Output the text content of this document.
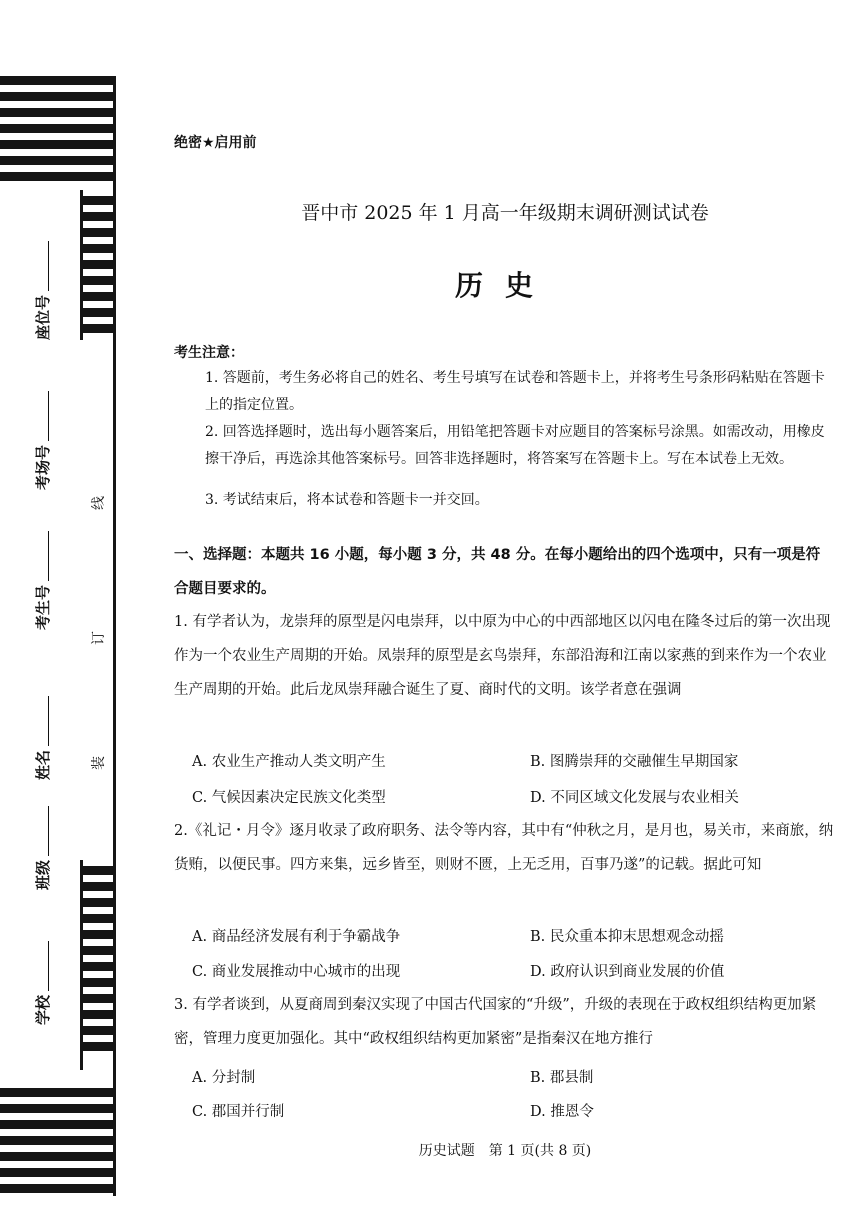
学校
班级
姓名
考生号
考场号
座位号
装
订
线
绝密★启用前
晋中市 2025 年 1 月高一年级期末调研测试试卷
历史
考生注意：
1. 答题前，考生务必将自己的姓名、考生号填写在试卷和答题卡上，并将考生号条形码粘贴在答题卡上的指定位置。
2. 回答选择题时，选出每小题答案后，用铅笔把答题卡对应题目的答案标号涂黑。如需改动，用橡皮擦干净后，再选涂其他答案标号。回答非选择题时，将答案写在答题卡上。写在本试卷上无效。
3. 考试结束后，将本试卷和答题卡一并交回。
一、选择题：本题共 16 小题，每小题 3 分，共 48 分。在每小题给出的四个选项中，只有一项是符合题目要求的。
1. 有学者认为，龙崇拜的原型是闪电崇拜，以中原为中心的中西部地区以闪电在隆冬过后的第一次出现作为一个农业生产周期的开始。凤崇拜的原型是玄鸟崇拜，东部沿海和江南以家燕的到来作为一个农业生产周期的开始。此后龙凤崇拜融合诞生了夏、商时代的文明。该学者意在强调
A. 农业生产推动人类文明产生	B. 图腾崇拜的交融催生早期国家
C. 气候因素决定民族文化类型	D. 不同区域文化发展与农业相关
2.《礼记・月令》逐月收录了政府职务、法令等内容，其中有“仲秋之月，是月也，易关市，来商旅，纳货贿，以便民事。四方来集，远乡皆至，则财不匮，上无乏用，百事乃遂”的记载。据此可知
A. 商品经济发展有利于争霸战争	B. 民众重本抑末思想观念动摇
C. 商业发展推动中心城市的出现	D. 政府认识到商业发展的价值
3. 有学者谈到，从夏商周到秦汉实现了中国古代国家的“升级”，升级的表现在于政权组织结构更加紧密，管理力度更加强化。其中“政权组织结构更加紧密”是指秦汉在地方推行
A. 分封制	B. 郡县制
C. 郡国并行制	D. 推恩令
历史试题　第 1 页(共 8 页)
